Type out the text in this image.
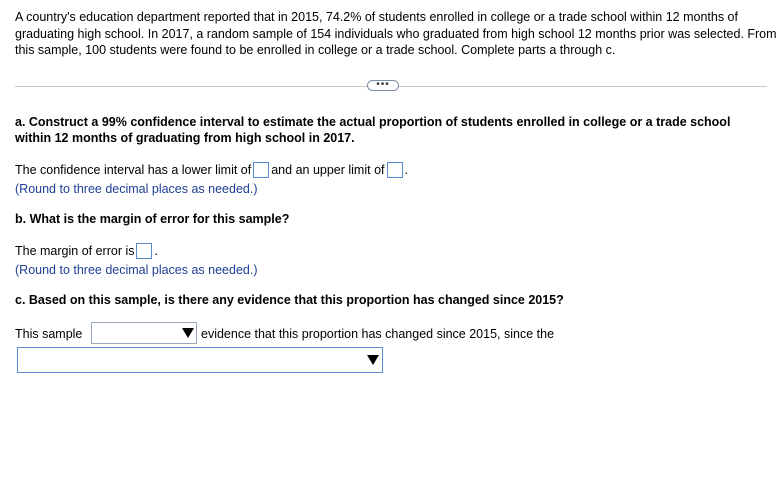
A country's education department reported that in 2015, 74.2% of students enrolled in college or a trade school within 12 months of graduating high school. In 2017, a random sample of 154 individuals who graduated from high school 12 months prior was selected. From this sample, 100 students were found to be enrolled in college or a trade school. Complete parts a through c.
•••
a. Construct a 99% confidence interval to estimate the actual proportion of students enrolled in college or a trade school within 12 months of graduating from high school in 2017.
The confidence interval has a lower limit of and an upper limit of .
(Round to three decimal places as needed.)
b. What is the margin of error for this sample?
The margin of error is .
(Round to three decimal places as needed.)
c. Based on this sample, is there any evidence that this proportion has changed since 2015?
This sample	evidence that this proportion has changed since 2015, since the
